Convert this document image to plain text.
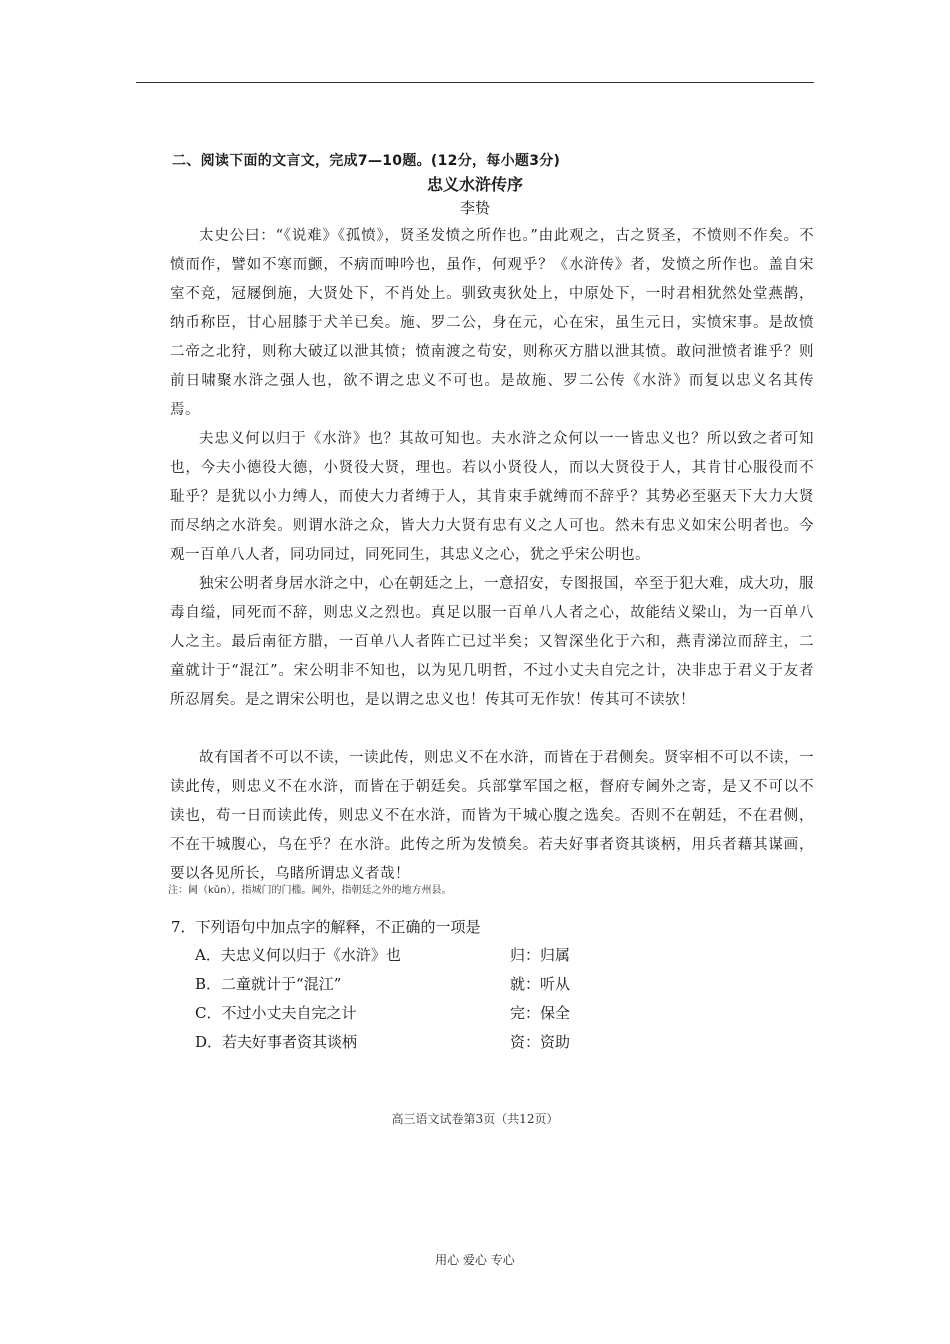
二、阅读下面的文言文，完成7—10题。(12分，每小题3分)
忠义水浒传序
李贽

太史公曰：“《说难》《孤愤》，贤圣发愤之所作也。”由此观之，古之贤圣，不愤则不作矣。不愤而作，譬如不寒而颤，不病而呻吟也，虽作，何观乎？《水浒传》者，发愤之所作也。盖自宋室不竞，冠屦倒施，大贤处下，不肖处上。驯致夷狄处上，中原处下，一时君相犹然处堂燕鹊，纳币称臣，甘心屈膝于犬羊已矣。施、罗二公，身在元，心在宋，虽生元日，实愤宋事。是故愤二帝之北狩，则称大破辽以泄其愤；愤南渡之苟安，则称灭方腊以泄其愤。敢问泄愤者谁乎？则前日啸聚水浒之强人也，欲不谓之忠义不可也。是故施、罗二公传《水浒》而复以忠义名其传焉。

夫忠义何以归于《水浒》也？其故可知也。夫水浒之众何以一一皆忠义也？所以致之者可知也，今夫小德役大德，小贤役大贤，理也。若以小贤役人，而以大贤役于人，其肯甘心服役而不耻乎？是犹以小力缚人，而使大力者缚于人，其肯束手就缚而不辞乎？其势必至驱天下大力大贤而尽纳之水浒矣。则谓水浒之众，皆大力大贤有忠有义之人可也。然未有忠义如宋公明者也。今观一百单八人者，同功同过，同死同生，其忠义之心，犹之乎宋公明也。

独宋公明者身居水浒之中，心在朝廷之上，一意招安，专图报国，卒至于犯大难，成大功，服毒自缢，同死而不辞，则忠义之烈也。真足以服一百单八人者之心，故能结义梁山，为一百单八人之主。最后南征方腊，一百单八人者阵亡已过半矣；又智深坐化于六和，燕青涕泣而辞主，二童就计于“混江”。宋公明非不知也，以为见几明哲，不过小丈夫自完之计，决非忠于君义于友者所忍屑矣。是之谓宋公明也，是以谓之忠义也！传其可无作欤！传其可不读欤！

故有国者不可以不读，一读此传，则忠义不在水浒，而皆在于君侧矣。贤宰相不可以不读，一读此传，则忠义不在水浒，而皆在于朝廷矣。兵部掌军国之枢，督府专阃外之寄，是又不可以不读也，苟一日而读此传，则忠义不在水浒，而皆为干城心腹之选矣。否则不在朝廷，不在君侧，不在干城腹心，乌在乎？在水浒。此传之所为发愤矣。若夫好事者资其谈柄，用兵者藉其谋画，要以各见所长，乌睹所谓忠义者哉！

注：阃（kǔn），指城门的门槛。阃外，指朝廷之外的地方州县。
7．下列语句中加点字的解释，不正确的一项是
A．夫忠义何以归于《水浒》也	归：归属
B．二童就计于“混江”	就：听从
C．不过小丈夫自完之计	完：保全
D．若夫好事者资其谈柄	资：资助
高三语文试卷第3页（共12页）
用心 爱心 专心
